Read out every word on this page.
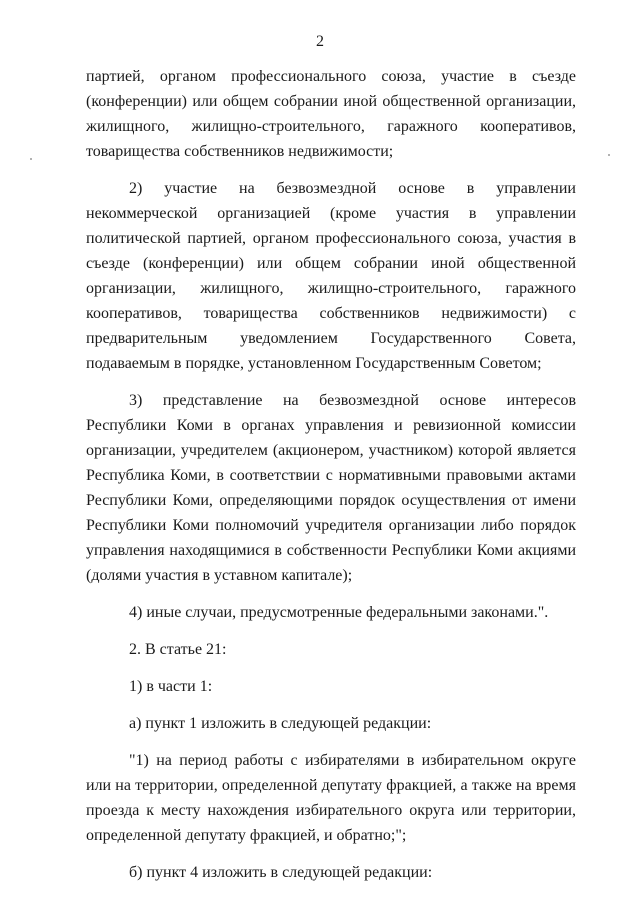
2

партией, органом профессионального союза, участие в съезде
(конференции) или общем собрании иной общественной организации,
жилищного, жилищно-строительного, гаражного кооперативов,
товарищества собственников недвижимости;

2) участие на безвозмездной основе в управлении некоммерческой организацией (кроме участия в управлении политической партией, органом профессионального союза, участия в съезде (конференции) или общем собрании иной общественной организации, жилищного, жилищно-строительного, гаражного кооперативов, товарищества собственников недвижимости) с предварительным уведомлением Государственного Совета, подаваемым в порядке, установленном Государственным Советом;

3) представление на безвозмездной основе интересов Республики Коми в органах управления и ревизионной комиссии организации, учредителем (акционером, участником) которой является Республика Коми, в соответствии с нормативными правовыми актами Республики Коми, определяющими порядок осуществления от имени Республики Коми полномочий учредителя организации либо порядок управления находящимися в собственности Республики Коми акциями (долями участия в уставном капитале);

4) иные случаи, предусмотренные федеральными законами.".

2. В статье 21:

1) в части 1:

а) пункт 1 изложить в следующей редакции:

"1) на период работы с избирателями в избирательном округе или на территории, определенной депутату фракцией, а также на время проезда к месту нахождения избирательного округа или территории, определенной депутату фракцией, и обратно;";

б) пункт 4 изложить в следующей редакции:
